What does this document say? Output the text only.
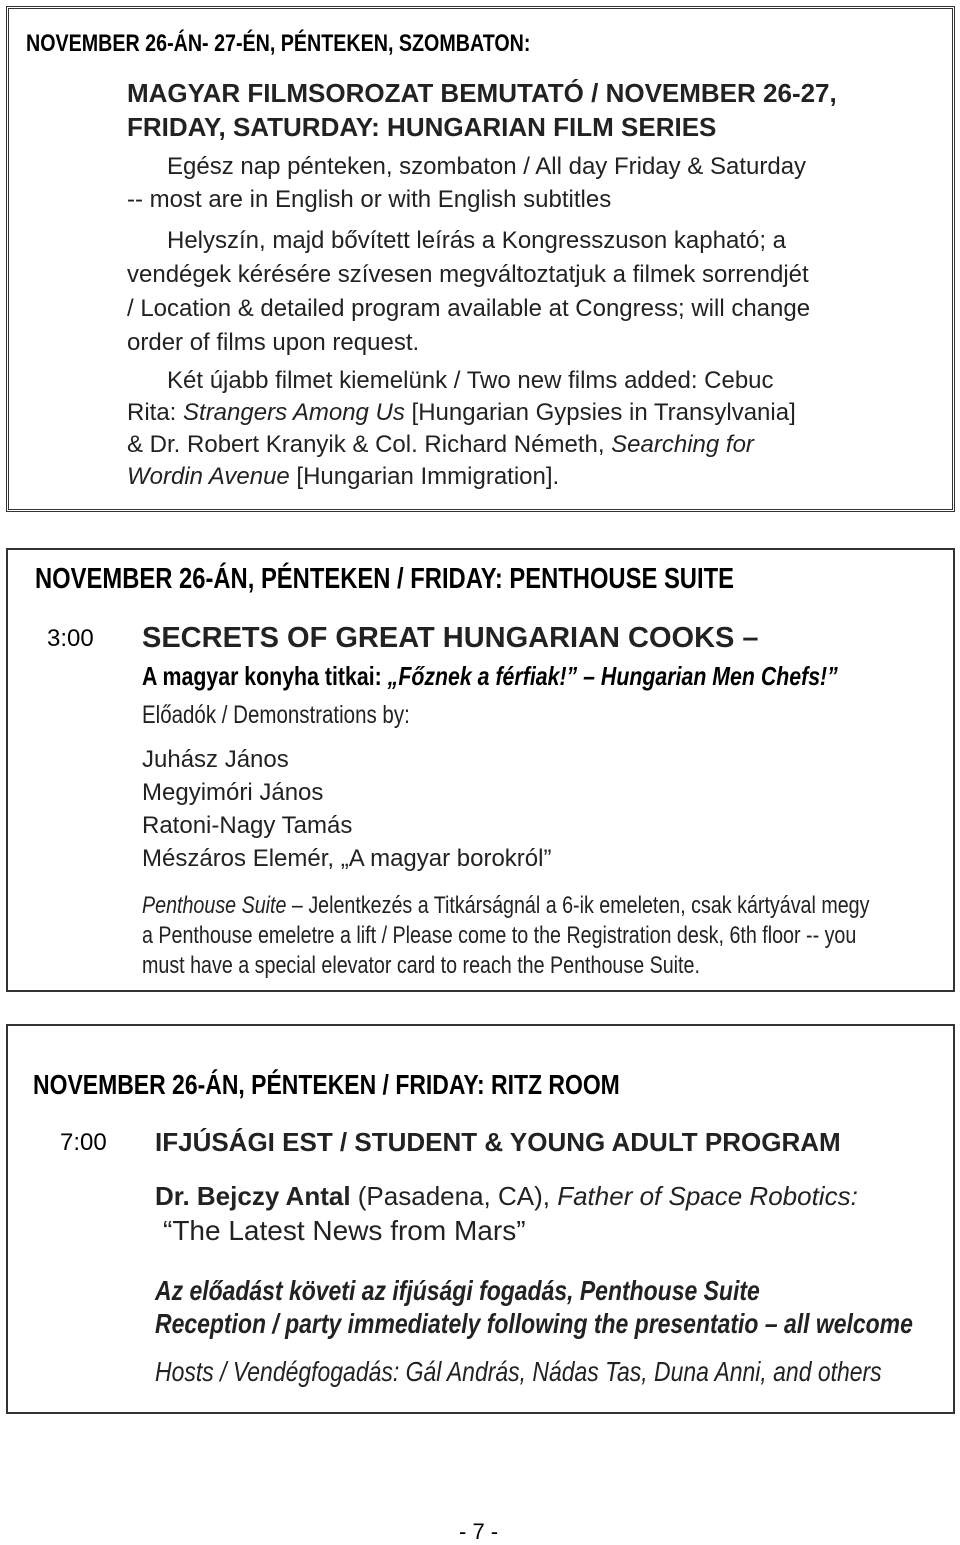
NOVEMBER 26-ÁN- 27-ÉN, PÉNTEKEN, SZOMBATON:
MAGYAR FILMSOROZAT BEMUTATÓ / NOVEMBER 26-27,
FRIDAY, SATURDAY: HUNGARIAN FILM SERIES
Egész nap pénteken, szombaton / All day Friday & Saturday
-- most are in English or with English subtitles
Helyszín, majd bővített leírás a Kongresszuson kapható; a
vendégek kérésére szívesen megváltoztatjuk a filmek sorrendjét
/ Location & detailed program available at Congress; will change
order of films upon request.
Két újabb filmet kiemelünk / Two new films added: Cebuc
Rita: Strangers Among Us [Hungarian Gypsies in Transylvania]
& Dr. Robert Kranyik & Col. Richard Németh, Searching for
Wordin Avenue [Hungarian Immigration].
NOVEMBER 26-ÁN, PÉNTEKEN / FRIDAY: PENTHOUSE SUITE
3:00 SECRETS OF GREAT HUNGARIAN COOKS –
A magyar konyha titkai: „Főznek a férfiak!” – Hungarian Men Chefs!”
Előadók / Demonstrations by:
Juhász János
Megyimóri János
Ratoni-Nagy Tamás
Mészáros Elemér, „A magyar borokról”
Penthouse Suite – Jelentkezés a Titkárságnál a 6-ik emeleten, csak kártyával megy
a Penthouse emeletre a lift / Please come to the Registration desk, 6th floor -- you
must have a special elevator card to reach the Penthouse Suite.
NOVEMBER 26-ÁN, PÉNTEKEN / FRIDAY: RITZ ROOM
7:00 IFJÚSÁGI EST / STUDENT & YOUNG ADULT PROGRAM
Dr. Bejczy Antal (Pasadena, CA), Father of Space Robotics:
“The Latest News from Mars”
Az előadást követi az ifjúsági fogadás, Penthouse Suite
Reception / party immediately following the presentatio – all welcome
Hosts / Vendégfogadás: Gál András, Nádas Tas, Duna Anni, and others
- 7 -
